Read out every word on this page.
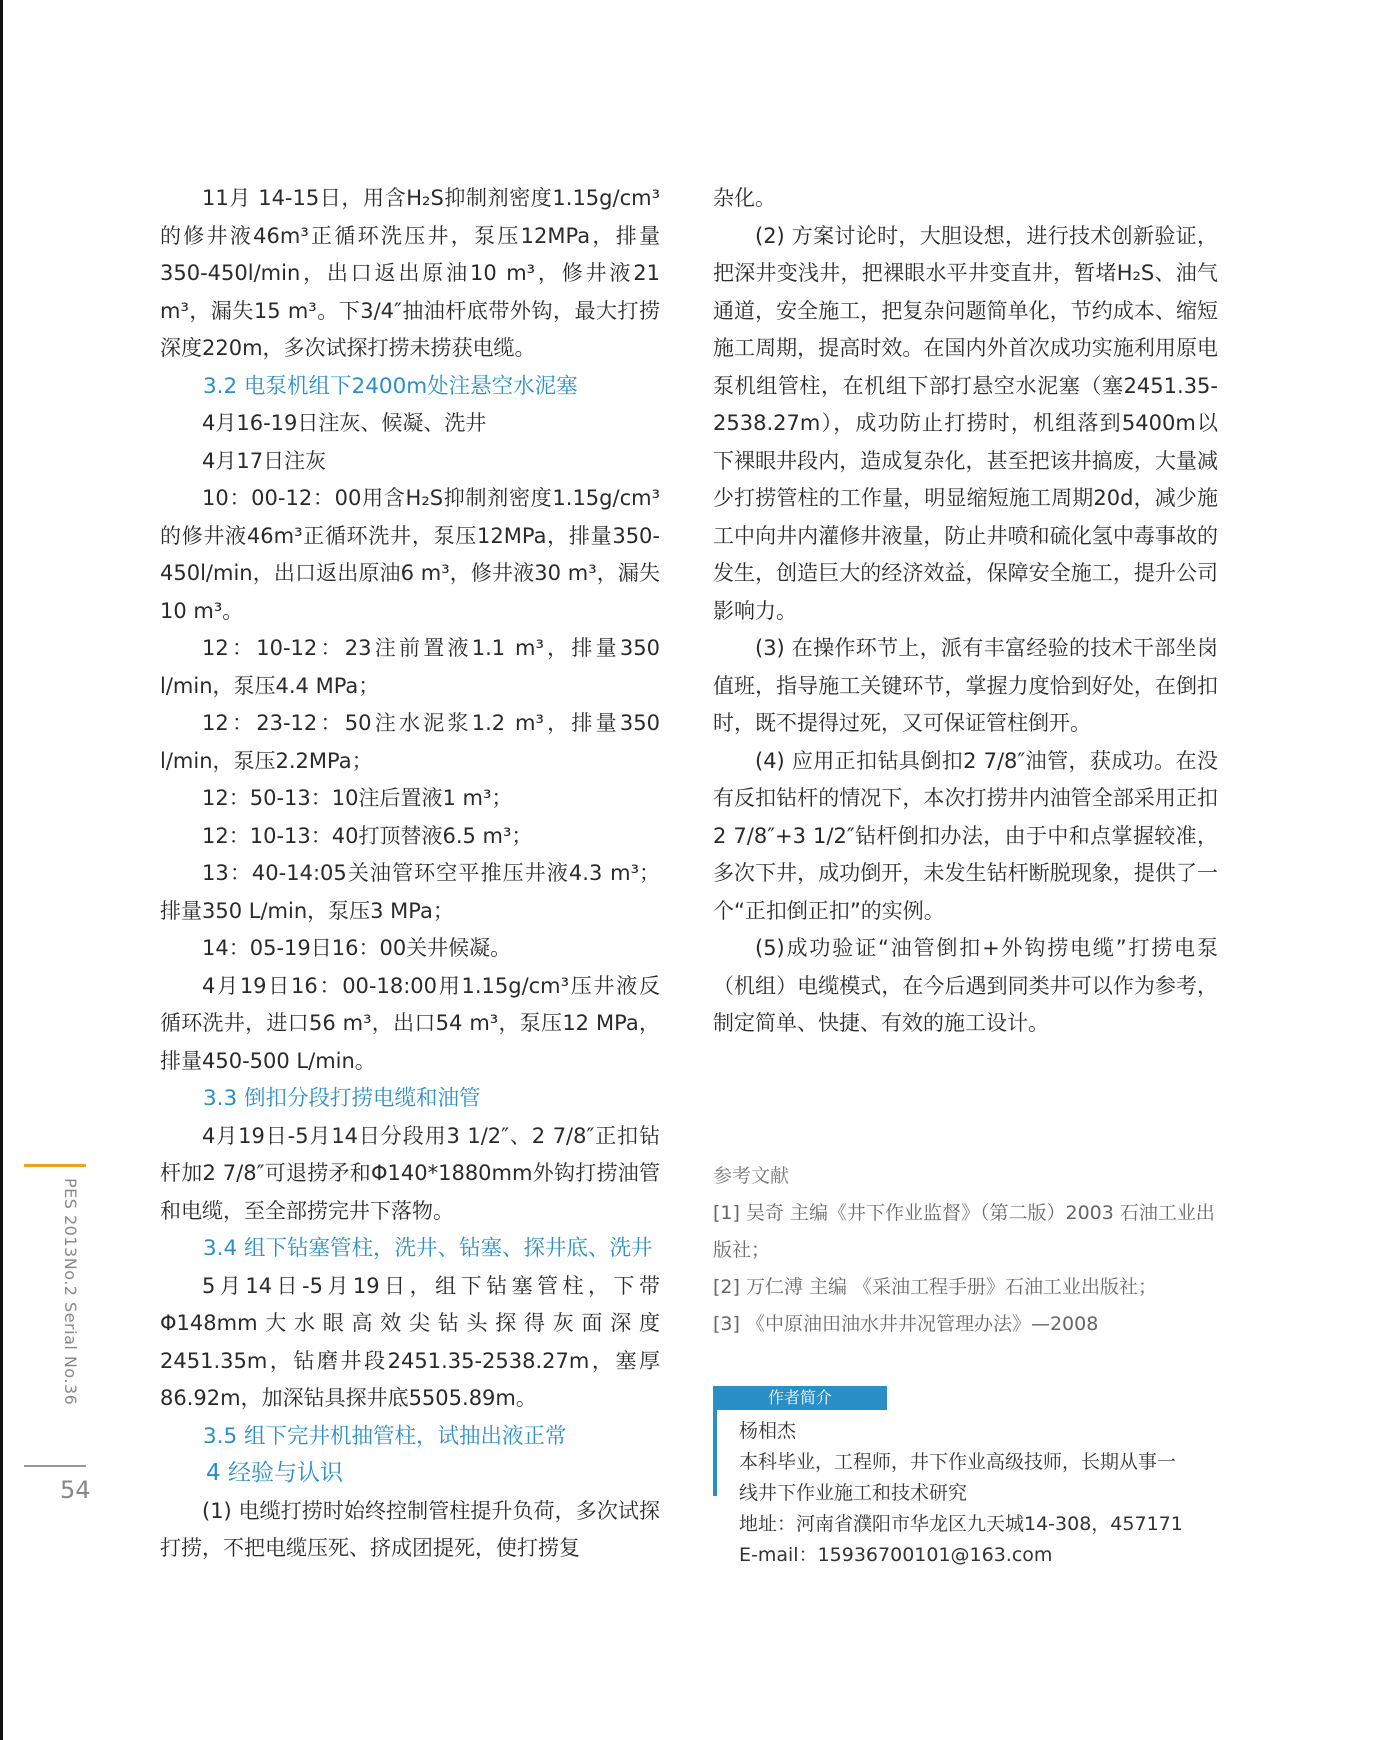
11月 14-15日，用含H₂S抑制剂密度1.15g/cm³的修井液46m³正循环洗压井，泵压12MPa，排量350-450l/min，出口返出原油10 m³，修井液21 m³，漏失15 m³。下3/4″抽油杆底带外钩，最大打捞深度220m，多次试探打捞未捞获电缆。

3.2 电泵机组下2400m处注悬空水泥塞

4月16-19日注灰、候凝、洗井

4月17日注灰

10：00-12：00用含H₂S抑制剂密度1.15g/cm³的修井液46m³正循环洗井，泵压12MPa，排量350-450l/min，出口返出原油6 m³，修井液30 m³，漏失10 m³。

12：10-12：23注前置液1.1 m³，排量350 l/min，泵压4.4 MPa；

12：23-12：50注水泥浆1.2 m³，排量350 l/min，泵压2.2MPa；

12：50-13：10注后置液1 m³；

12：10-13：40打顶替液6.5 m³；

13：40-14:05关油管环空平推压井液4.3 m³；排量350 L/min，泵压3 MPa；

14：05-19日16：00关井候凝。

4月19日16：00-18:00用1.15g/cm³压井液反循环洗井，进口56 m³，出口54 m³，泵压12 MPa，排量450-500 L/min。

3.3 倒扣分段打捞电缆和油管

4月19日-5月14日分段用3 1/2″、2 7/8″正扣钻杆加2 7/8″可退捞矛和Φ140*1880mm外钩打捞油管和电缆，至全部捞完井下落物。

3.4 组下钻塞管柱，洗井、钻塞、探井底、洗井

5月14日-5月19日，组下钻塞管柱，下带Φ148mm大水眼高效尖钻头探得灰面深度2451.35m，钻磨井段2451.35-2538.27m，塞厚86.92m，加深钻具探井底5505.89m。

3.5 组下完井机抽管柱，试抽出液正常

4 经验与认识

(1) 电缆打捞时始终控制管柱提升负荷，多次试探打捞，不把电缆压死、挤成团提死，使打捞复

杂化。

(2) 方案讨论时，大胆设想，进行技术创新验证，把深井变浅井，把裸眼水平井变直井，暂堵H₂S、油气通道，安全施工，把复杂问题简单化，节约成本、缩短施工周期，提高时效。在国内外首次成功实施利用原电泵机组管柱，在机组下部打悬空水泥塞（塞2451.35-2538.27m），成功防止打捞时，机组落到5400m以下裸眼井段内，造成复杂化，甚至把该井搞废，大量减少打捞管柱的工作量，明显缩短施工周期20d，减少施工中向井内灌修井液量，防止井喷和硫化氢中毒事故的发生，创造巨大的经济效益，保障安全施工，提升公司影响力。

(3) 在操作环节上，派有丰富经验的技术干部坐岗值班，指导施工关键环节，掌握力度恰到好处，在倒扣时，既不提得过死，又可保证管柱倒开。

(4) 应用正扣钻具倒扣2 7/8″油管，获成功。在没有反扣钻杆的情况下，本次打捞井内油管全部采用正扣2 7/8″+3 1/2″钻杆倒扣办法，由于中和点掌握较准，多次下井，成功倒开，未发生钻杆断脱现象，提供了一个“正扣倒正扣”的实例。

(5)成功验证“油管倒扣+外钩捞电缆”打捞电泵（机组）电缆模式，在今后遇到同类井可以作为参考，制定简单、快捷、有效的施工设计。

参考文献

[1] 吴奇 主编《井下作业监督》（第二版）2003 石油工业出版社；

[2] 万仁溥 主编 《采油工程手册》石油工业出版社；

[3] 《中原油田油水井井况管理办法》—2008

作者简介
杨相杰
本科毕业，工程师，井下作业高级技师，长期从事一
线井下作业施工和技术研究
地址：河南省濮阳市华龙区九天城14-308，457171
E-mail：15936700101@163.com
PES 2013No.2 Serial No.36
54
